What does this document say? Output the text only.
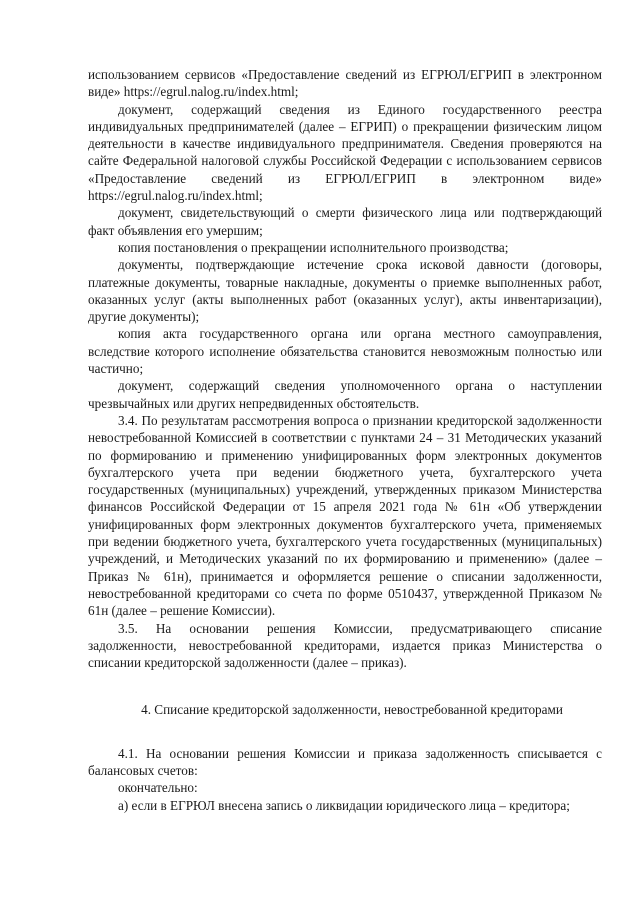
использованием сервисов «Предоставление сведений из ЕГРЮЛ/ЕГРИП в электронном виде» https://egrul.nalog.ru/index.html;

документ, содержащий сведения из Единого государственного реестра индивидуальных предпринимателей (далее – ЕГРИП) о прекращении физическим лицом деятельности в качестве индивидуального предпринимателя. Сведения проверяются на сайте Федеральной налоговой службы Российской Федерации с использованием сервисов «Предоставление сведений из ЕГРЮЛ/ЕГРИП в электронном виде» https://egrul.nalog.ru/index.html;

документ, свидетельствующий о смерти физического лица или подтверждающий факт объявления его умершим;

копия постановления о прекращении исполнительного производства;

документы, подтверждающие истечение срока исковой давности (договоры, платежные документы, товарные накладные, документы о приемке выполненных работ, оказанных услуг (акты выполненных работ (оказанных услуг), акты инвентаризации), другие документы);

копия акта государственного органа или органа местного самоуправления, вследствие которого исполнение обязательства становится невозможным полностью или частично;

документ, содержащий сведения уполномоченного органа о наступлении чрезвычайных или других непредвиденных обстоятельств.

3.4. По результатам рассмотрения вопроса о признании кредиторской задолженности невостребованной Комиссией в соответствии с пунктами 24 – 31 Методических указаний по формированию и применению унифицированных форм электронных документов бухгалтерского учета при ведении бюджетного учета, бухгалтерского учета государственных (муниципальных) учреждений, утвержденных приказом Министерства финансов Российской Федерации от 15 апреля 2021 года № 61н «Об утверждении унифицированных форм электронных документов бухгалтерского учета, применяемых при ведении бюджетного учета, бухгалтерского учета государственных (муниципальных) учреждений, и Методических указаний по их формированию и применению» (далее – Приказ № 61н), принимается и оформляется решение о списании задолженности, невостребованной кредиторами со счета по форме 0510437, утвержденной Приказом № 61н (далее – решение Комиссии).

3.5. На основании решения Комиссии, предусматривающего списание задолженности, невостребованной кредиторами, издается приказ Министерства о списании кредиторской задолженности (далее – приказ).

4. Списание кредиторской задолженности, невостребованной кредиторами

4.1. На основании решения Комиссии и приказа задолженность списывается с балансовых счетов:

окончательно:

а) если в ЕГРЮЛ внесена запись о ликвидации юридического лица – кредитора;
